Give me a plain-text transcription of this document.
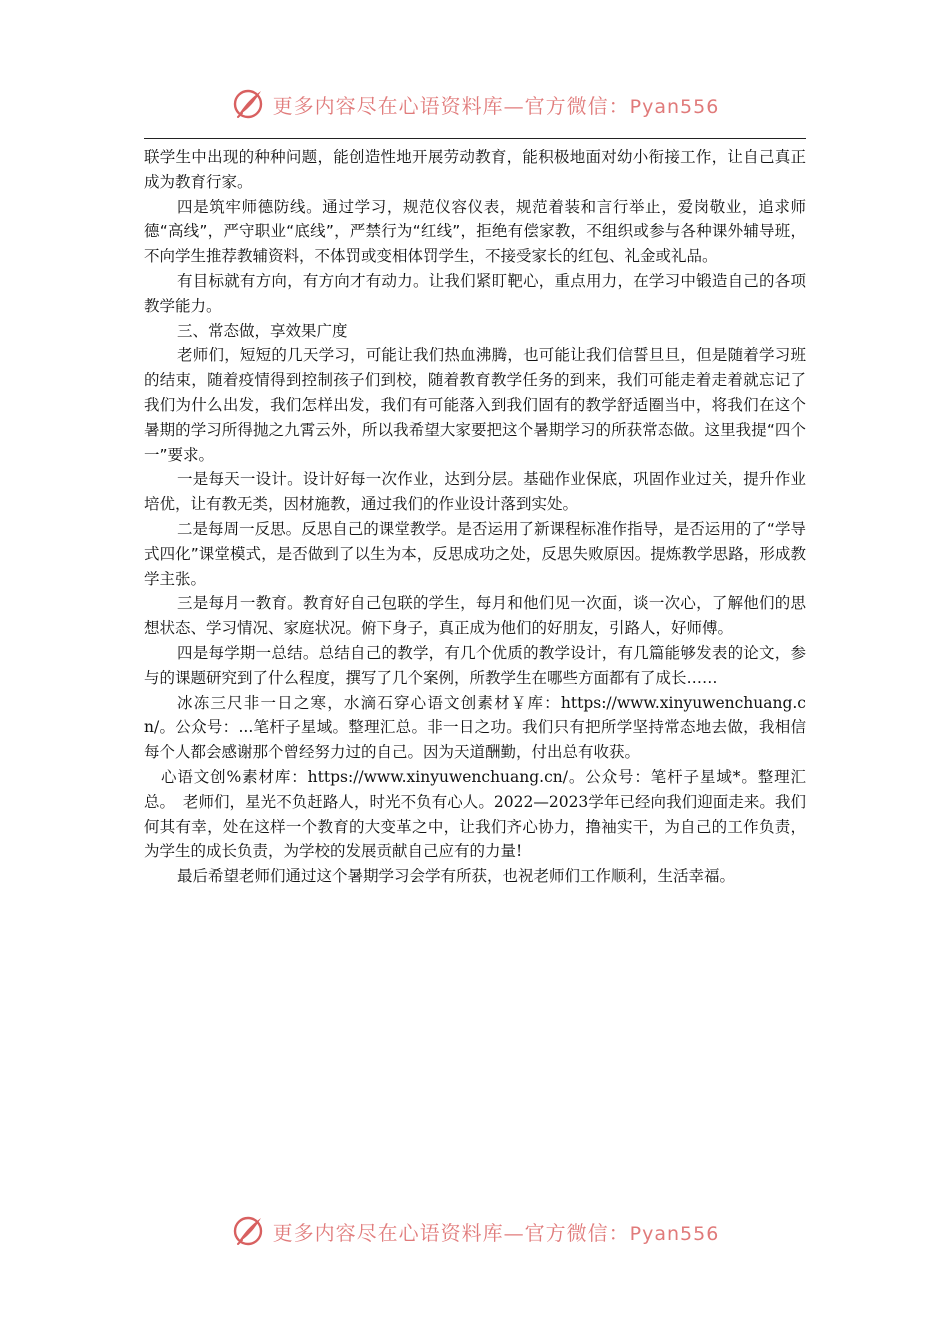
更多内容尽在心语资料库—官方微信：Pyan556

联学生中出现的种种问题，能创造性地开展劳动教育，能积极地面对幼小衔接工作，让自己真正成为教育行家。

四是筑牢师德防线。通过学习，规范仪容仪表，规范着装和言行举止，爱岗敬业，追求师德“高线”，严守职业“底线”，严禁行为“红线”，拒绝有偿家教，不组织或参与各种课外辅导班，不向学生推荐教辅资料，不体罚或变相体罚学生，不接受家长的红包、礼金或礼品。

有目标就有方向，有方向才有动力。让我们紧盯靶心，重点用力，在学习中锻造自己的各项教学能力。

三、常态做，享效果广度

老师们，短短的几天学习，可能让我们热血沸腾，也可能让我们信誓旦旦，但是随着学习班的结束，随着疫情得到控制孩子们到校，随着教育教学任务的到来，我们可能走着走着就忘记了我们为什么出发，我们怎样出发，我们有可能落入到我们固有的教学舒适圈当中，将我们在这个暑期的学习所得抛之九霄云外，所以我希望大家要把这个暑期学习的所获常态做。这里我提“四个一”要求。

一是每天一设计。设计好每一次作业，达到分层。基础作业保底，巩固作业过关，提升作业培优，让有教无类，因材施教，通过我们的作业设计落到实处。

二是每周一反思。反思自己的课堂教学。是否运用了新课程标准作指导，是否运用的了“学导式四化”课堂模式，是否做到了以生为本，反思成功之处，反思失败原因。提炼教学思路，形成教学主张。

三是每月一教育。教育好自己包联的学生，每月和他们见一次面，谈一次心，了解他们的思想状态、学习情况、家庭状况。俯下身子，真正成为他们的好朋友，引路人，好师傅。

四是每学期一总结。总结自己的教学，有几个优质的教学设计，有几篇能够发表的论文，参与的课题研究到了什么程度，撰写了几个案例，所教学生在哪些方面都有了成长……

冰冻三尺非一日之寒，水滴石穿心语文创素材￥库：https://www.xinyuwenchuang.cn/。公众号：...笔杆子星域。整理汇总。非一日之功。我们只有把所学坚持常态地去做，我相信每个人都会感谢那个曾经努力过的自己。因为天道酬勤，付出总有收获。

心语文创%素材库：https://www.xinyuwenchuang.cn/。公众号：笔杆子星域*。整理汇总。　老师们，星光不负赶路人，时光不负有心人。2022—2023学年已经向我们迎面走来。我们何其有幸，处在这样一个教育的大变革之中，让我们齐心协力，撸袖实干，为自己的工作负责，为学生的成长负责，为学校的发展贡献自己应有的力量!

最后希望老师们通过这个暑期学习会学有所获，也祝老师们工作顺利，生活幸福。

更多内容尽在心语资料库—官方微信：Pyan556
